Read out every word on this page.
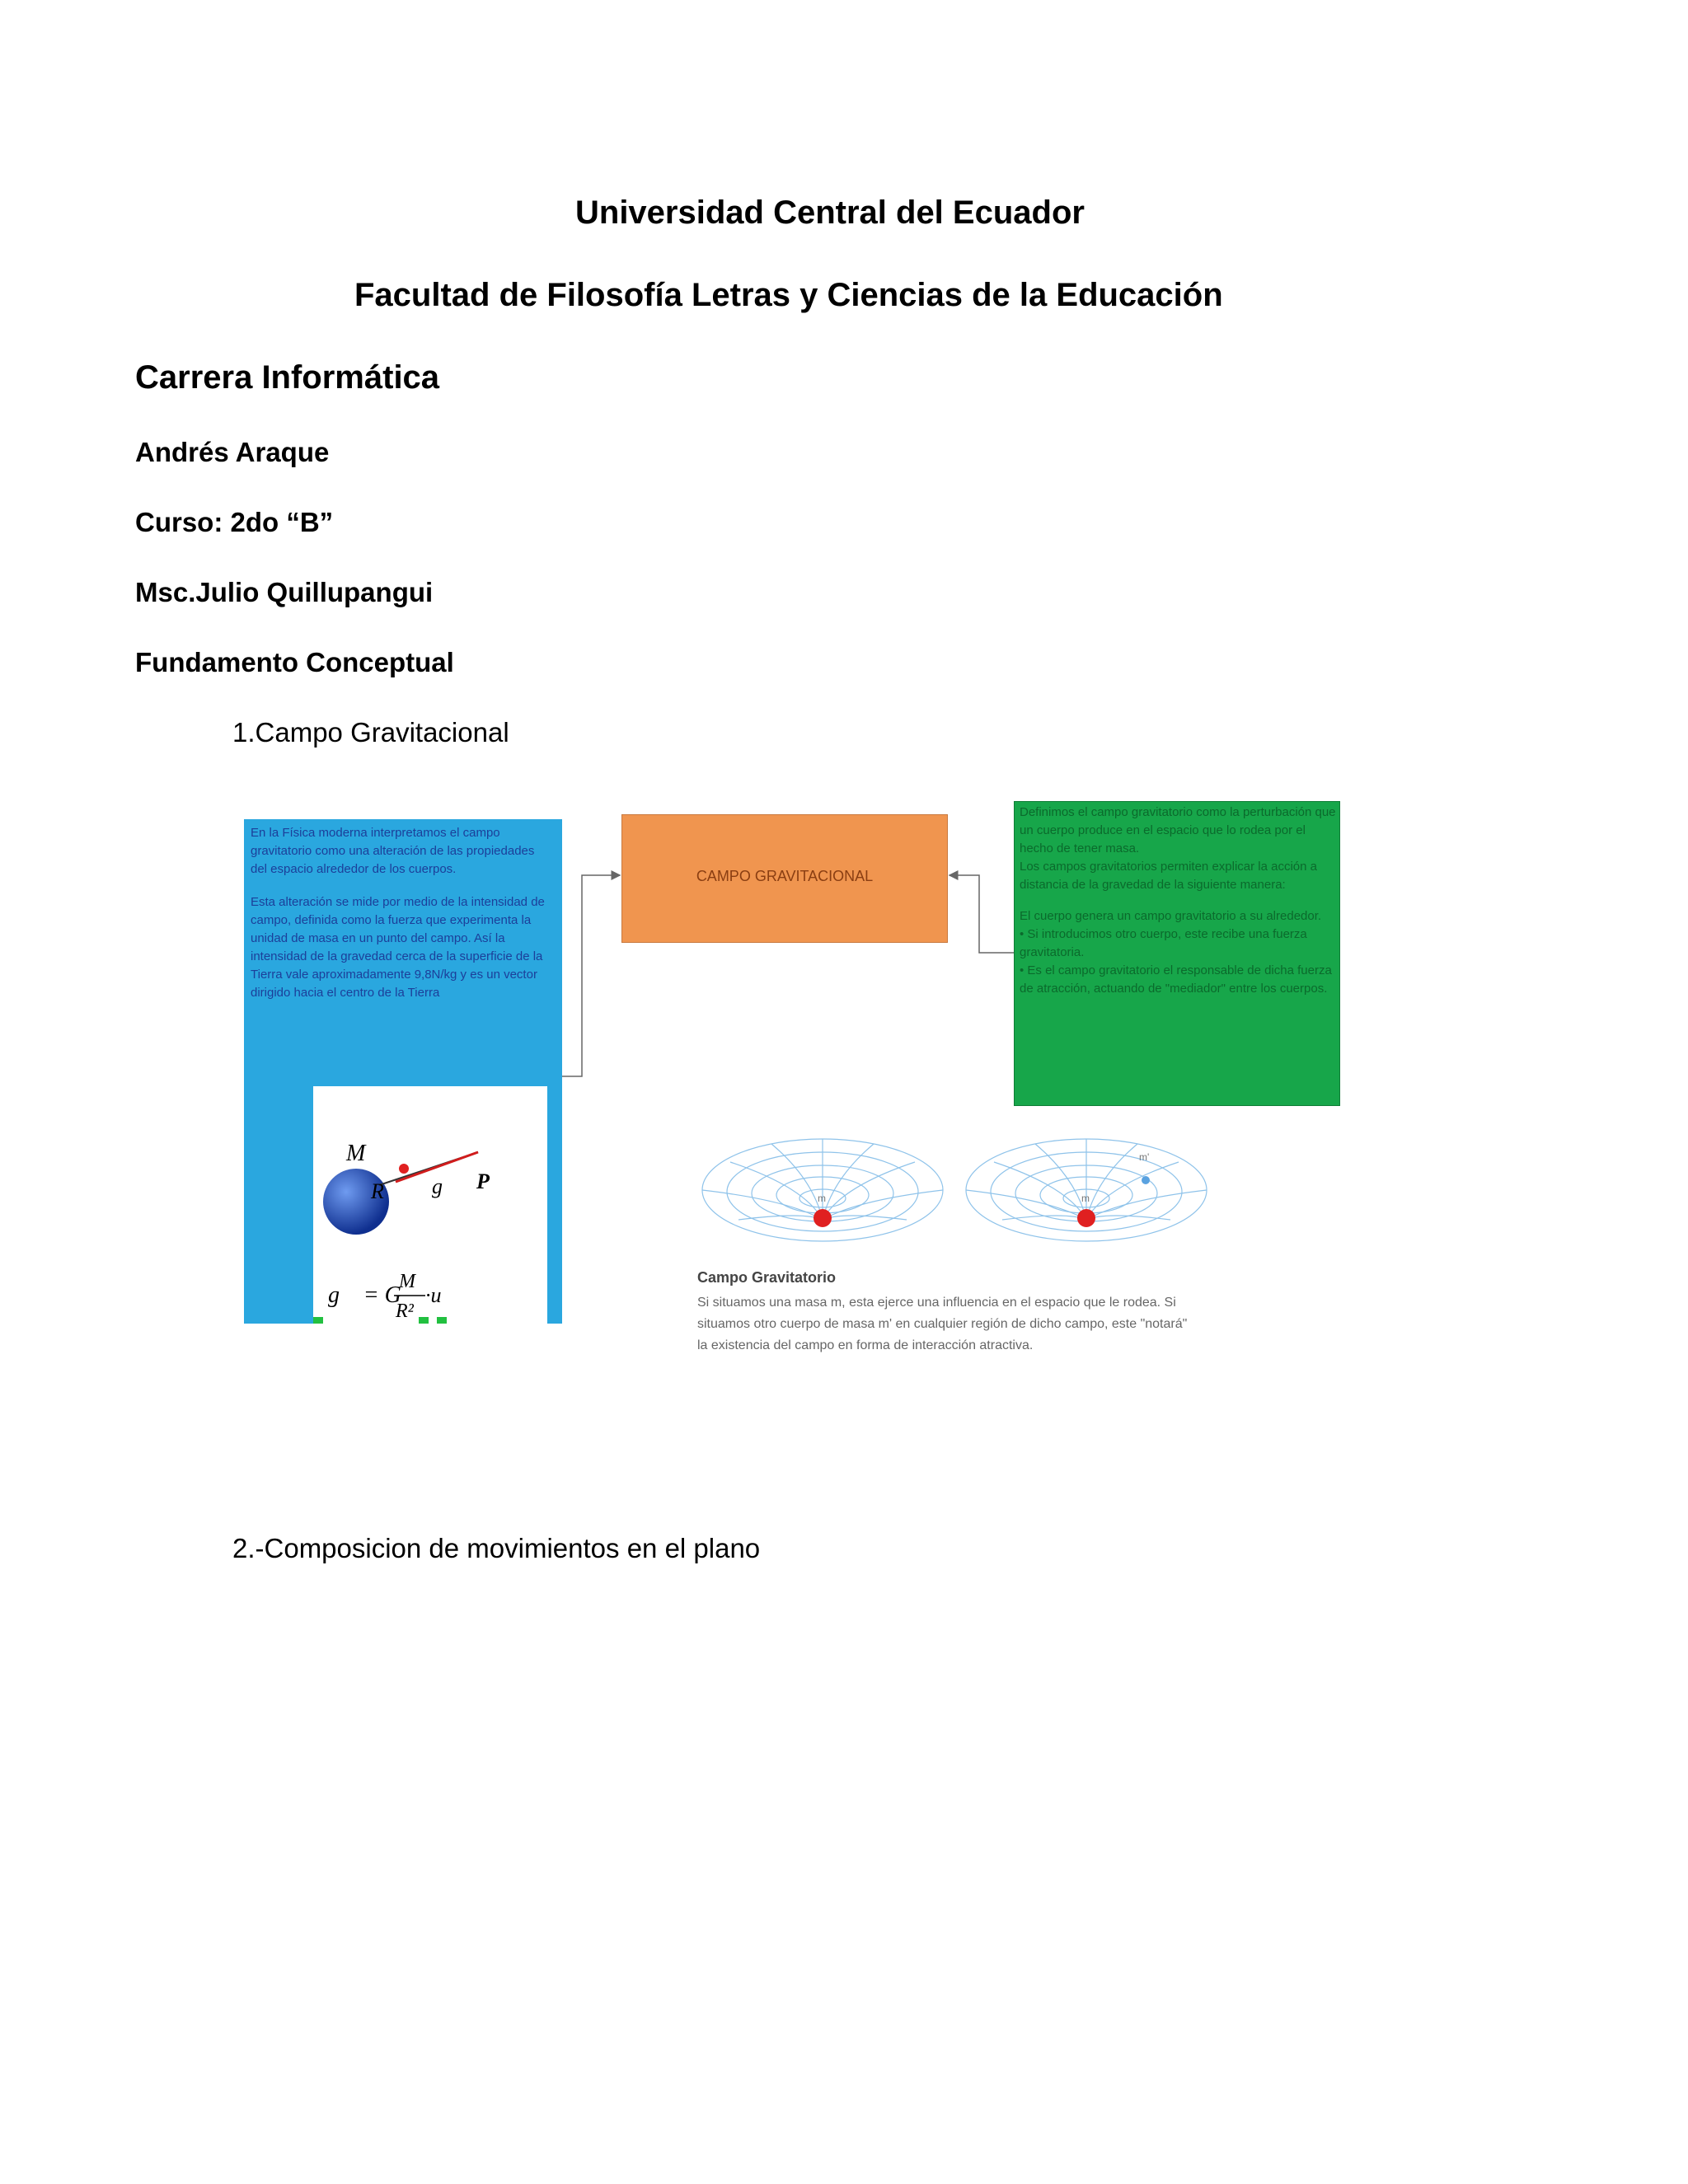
Universidad Central del Ecuador
Facultad de Filosofía Letras y Ciencias de la Educación
Carrera Informática
Andrés Araque
Curso: 2do “B”
Msc.Julio Quillupangui
Fundamento Conceptual
1.Campo Gravitacional

En la Física moderna interpretamos el campo gravitatorio como una alteración de las propiedades del espacio alrededor de los cuerpos.

Esta alteración se mide por medio de la intensidad de campo, definida como la fuerza que experimenta la unidad de masa en un punto del campo. Así la intensidad de la gravedad cerca de la superficie de la Tierra vale aproximadamente 9,8N/kg y es un vector dirigido hacia el centro de la Tierra

M
R g⃗ P
g⃗ = G
M
R²
·u⃗
CAMPO GRAVITACIONAL

Definimos el campo gravitatorio como la perturbación que un cuerpo produce en el espacio que lo rodea por el hecho de tener masa.

Los campos gravitatorios permiten explicar la acción a distancia de la gravedad de la siguiente manera:

El cuerpo genera un campo gravitatorio a su alrededor.

• Si introducimos otro cuerpo, este recibe una fuerza gravitatoria.

• Es el campo gravitatorio el responsable de dicha fuerza de atracción, actuando de "mediador" entre los cuerpos.

m	m
m'
Campo Gravitatorio
Si situamos una masa m, esta ejerce una influencia en el espacio que le rodea. Si situamos otro cuerpo de masa m' en cualquier región de dicho campo, este "notará" la existencia del campo en forma de interacción atractiva.
2.-Composicion de movimientos en el plano
